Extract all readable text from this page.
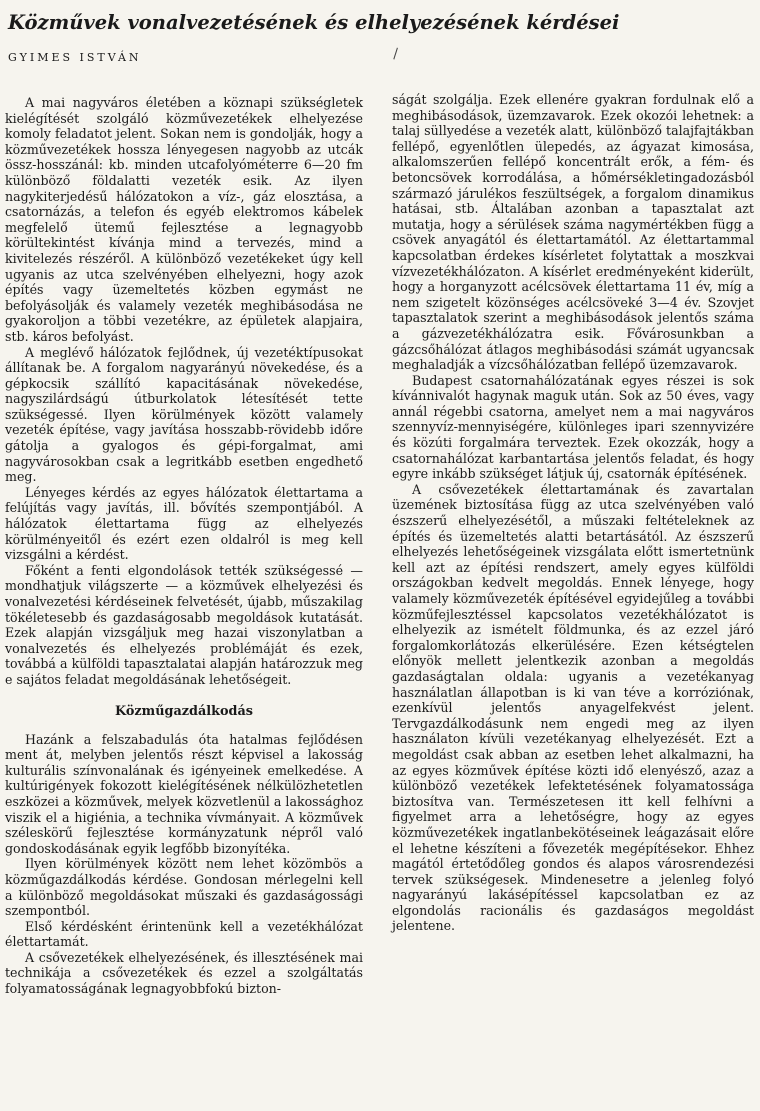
Közművek vonalvezetésének és elhelyezésének kérdései
GYIMES ISTVÁN	\

A mai nagyváros életében a köznapi szükségletek kielégítését szolgáló közművezetékek elhelyezése komoly feladatot jelent. Sokan nem is gondolják, hogy a közművezetékek hossza lényegesen nagyobb az utcák össz-hosszánál: kb. minden utcafolyóméterre 6—20 fm különböző földalatti vezeték esik. Az ilyen nagykiterjedésű hálózatokon a víz-, gáz elosztása, a csatornázás, a telefon és egyéb elektromos kábelek megfelelő ütemű fejlesztése a legnagyobb körültekintést kívánja mind a tervezés, mind a kivitelezés részéről. A különböző vezetékeket úgy kell ugyanis az utca szelvényében elhelyezni, hogy azok építés vagy üzemeltetés közben egymást ne befolyásolják és valamely vezeték meghibásodása ne gyakoroljon a többi vezetékre, az épületek alapjaira, stb. káros befolyást.

A meglévő hálózatok fejlődnek, új vezetéktípusokat állítanak be. A forgalom nagyarányú növekedése, és a gépkocsik szállító kapacitásának növekedése, nagyszilárdságú útburkolatok létesítését tette szükségessé. Ilyen körülmények között valamely vezeték építése, vagy javítása hosszabb-rövidebb időre gátolja a gyalogos és gépi-forgalmat, ami nagyvárosokban csak a legritkább esetben engedhető meg.

Lényeges kérdés az egyes hálózatok élettartama a felújítás vagy javítás, ill. bővítés szempontjából. A hálózatok élettartama függ az elhelyezés körülményeitől és ezért ezen oldalról is meg kell vizsgálni a kérdést.

Főként a fenti elgondolások tették szükségessé — mondhatjuk világszerte — a közművek elhelyezési és vonalvezetési kérdéseinek felvetését, újabb, műszakilag tökéletesebb és gazdaságosabb megoldások kutatását. Ezek alapján vizsgáljuk meg hazai viszonylatban a vonalvezetés és elhelyezés problémáját és ezek, továbbá a külföldi tapasztalatai alapján határozzuk meg e sajátos feladat megoldásának lehetőségeit.

Közműgazdálkodás

Hazánk a felszabadulás óta hatalmas fejlődésen ment át, melyben jelentős részt képvisel a lakosság kulturális színvonalának és igényeinek emelkedése. A kultúrigények fokozott kielégítésének nélkülözhetetlen eszközei a közművek, melyek közvetlenül a lakossághoz viszik el a higiénia, a technika vívmányait. A közművek széleskörű fejlesztése kormányzatunk népről való gondoskodásának egyik legfőbb bizonyítéka.

Ilyen körülmények között nem lehet közömbös a közműgazdálkodás kérdése. Gondosan mérlegelni kell a különböző megoldásokat műszaki és gazdaságossági szempontból.

Első kérdésként érintenünk kell a vezetékhálózat élettartamát.

A csővezetékek elhelyezésének, és illesztésének mai technikája a csővezetékek és ezzel a szolgáltatás folyamatosságának legnagyobbfokú bizton-

ságát szolgálja. Ezek ellenére gyakran fordulnak elő a meghibásodások, üzemzavarok. Ezek okozói lehetnek: a talaj süllyedése a vezeték alatt, különböző talajfajtákban fellépő, egyenlőtlen ülepedés, az ágyazat kimosása, alkalomszerűen fellépő koncentrált erők, a fém- és betoncsövek korrodálása, a hőmérsékletingadozásból származó járulékos feszültségek, a forgalom dinamikus hatásai, stb. Általában azonban a tapasztalat azt mutatja, hogy a sérülések száma nagymértékben függ a csövek anyagától és élettartamától. Az élettartammal kapcsolatban érdekes kísérletet folytattak a moszkvai vízvezetékhálózaton. A kísérlet eredményeként kiderült, hogy a horganyzott acélcsövek élettartama 11 év, míg a nem szigetelt közönséges acélcsöveké 3—4 év. Szovjet tapasztalatok szerint a meghibásodások jelentős száma a gázvezetékhálózatra esik. Fővárosunkban a gázcsőhálózat átlagos meghibásodási számát ugyancsak meghaladják a vízcsőhálózatban fellépő üzemzavarok.

Budapest csatornahálózatának egyes részei is sok kívánnivalót hagynak maguk után. Sok az 50 éves, vagy annál régebbi csatorna, amelyet nem a mai nagyváros szennyvíz-mennyiségére, különleges ipari szennyvizére és közúti forgalmára terveztek. Ezek okozzák, hogy a csatornahálózat karbantartása jelentős feladat, és hogy egyre inkább szükséget látjuk új, csatornák építésének.

A csővezetékek élettartamának és zavartalan üzemének biztosítása függ az utca szelvényében való észszerű elhelyezésétől, a műszaki feltételeknek az építés és üzemeltetés alatti betartásától. Az észszerű elhelyezés lehetőségeinek vizsgálata előtt ismertetnünk kell azt az építési rendszert, amely egyes külföldi országokban kedvelt megoldás. Ennek lényege, hogy valamely közművezeték építésével egyidejűleg a további közműfejlesztéssel kapcsolatos vezetékhálózatot is elhelyezik az ismételt földmunka, és az ezzel járó forgalomkorlátozás elkerülésére. Ezen kétségtelen előnyök mellett jelentkezik azonban a megoldás gazdaságtalan oldala: ugyanis a vezetékanyag használatlan állapotban is ki van téve a korróziónak, ezenkívül jelentős anyagelfekvést jelent. Tervgazdálkodásunk nem engedi meg az ilyen használaton kívüli vezetékanyag elhelyezését. Ezt a megoldást csak abban az esetben lehet alkalmazni, ha az egyes közművek építése közti idő elenyésző, azaz a különböző vezetékek lefektetésének folyamatossága biztosítva van. Természetesen itt kell felhívni a figyelmet arra a lehetőségre, hogy az egyes közművezetékek ingatlanbekötéseinek leágazásait előre el lehetne készíteni a fővezeték megépítésekor. Ehhez magától értetődőleg gondos és alapos városrendezési tervek szükségesek. Mindenesetre a jelenleg folyó nagyarányú lakásépítéssel kapcsolatban ez az elgondolás racionális és gazdaságos megoldást jelentene.
